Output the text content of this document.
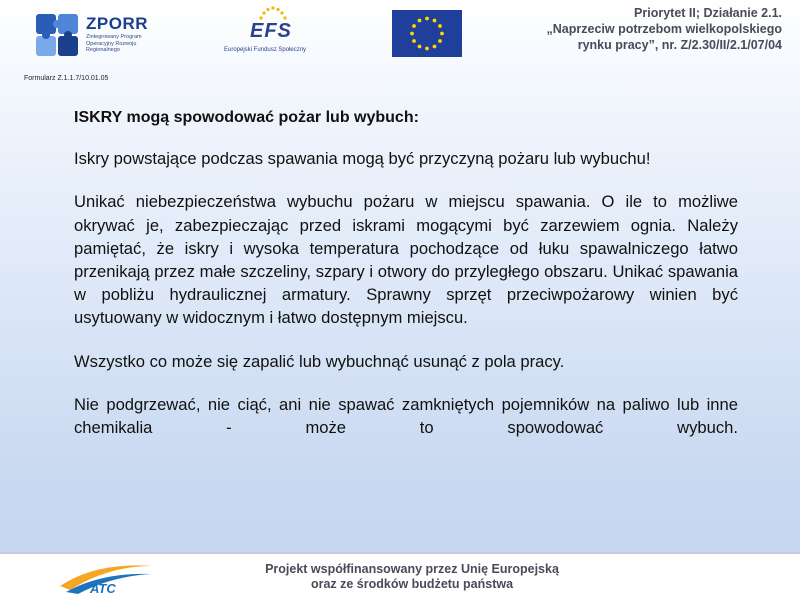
ZPORR
Zintegrowany Program Operacyjny Rozwoju Regionalnego
EFS
Europejski Fundusz Społeczny
Priorytet II; Działanie 2.1.
„Naprzeciw potrzebom wielkopolskiego
rynku pracy”, nr. Z/2.30/II/2.1/07/04
Formularz Z.1.1.7/10.01.05
ISKRY mogą spowodować pożar lub wybuch:

Iskry powstające podczas spawania mogą być przyczyną pożaru lub wybuchu!

Unikać niebezpieczeństwa wybuchu pożaru w miejscu spawania. O ile to możliwe okrywać je, zabezpieczając przed iskrami mogącymi być zarzewiem ognia. Należy pamiętać, że iskry i wysoka temperatura pochodzące od łuku spawalniczego łatwo przenikają przez małe szczeliny, szpary i otwory do przyległego obszaru. Unikać spawania w pobliżu hydraulicznej armatury. Sprawny sprzęt przeciwpożarowy winien być usytuowany w widocznym i łatwo dostępnym miejscu.

Wszystko co może się zapalić lub wybuchnąć usunąć z pola pracy.

Nie podgrzewać, nie ciąć, ani nie spawać zamkniętych pojemników na paliwo lub inne chemikalia - może to spowodować wybuch.

ATC
Projekt współfinansowany przez Unię Europejską
oraz ze środków budżetu państwa
